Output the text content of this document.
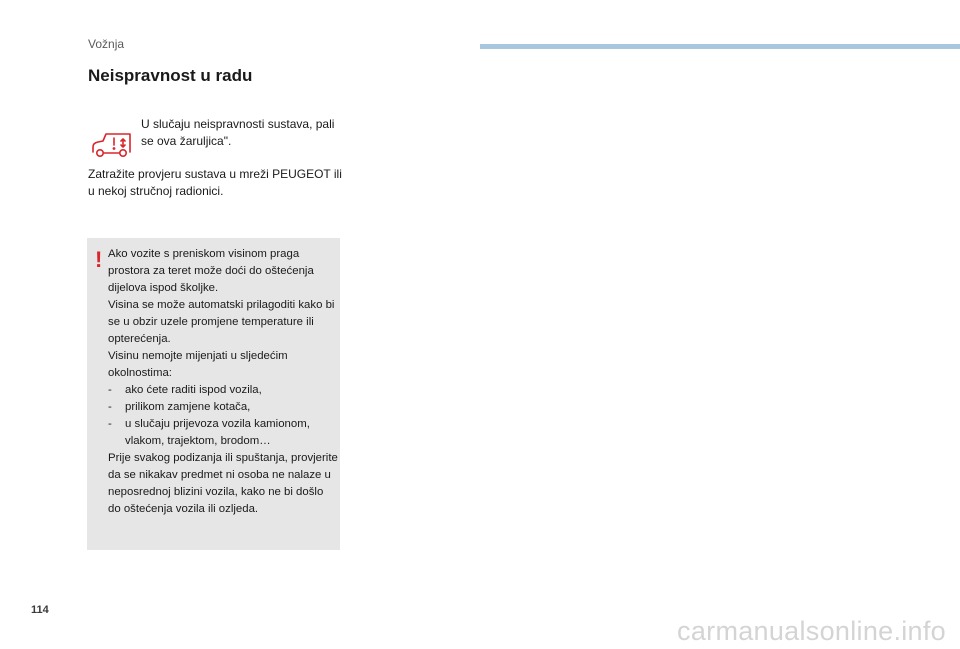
Vožnja
Neispravnost u radu
U slučaju neispravnosti sustava, pali se ova žaruljica".
Zatražite provjeru sustava u mreži PEUGEOT ili u nekoj stručnoj radionici.
! Ako vozite s preniskom visinom praga prostora za teret može doći do oštećenja dijelova ispod školjke.

Visina se može automatski prilagoditi kako bi se u obzir uzele promjene temperature ili opterećenja.

Visinu nemojte mijenjati u sljedećim okolnostima:

- ako ćete raditi ispod vozila,
- prilikom zamjene kotača,
- u slučaju prijevoza vozila kamionom, vlakom, trajektom, brodom…

Prije svakog podizanja ili spuštanja, provjerite da se nikakav predmet ni osoba ne nalaze u neposrednoj blizini vozila, kako ne bi došlo do oštećenja vozila ili ozljeda.

114
carmanualsonline.info
